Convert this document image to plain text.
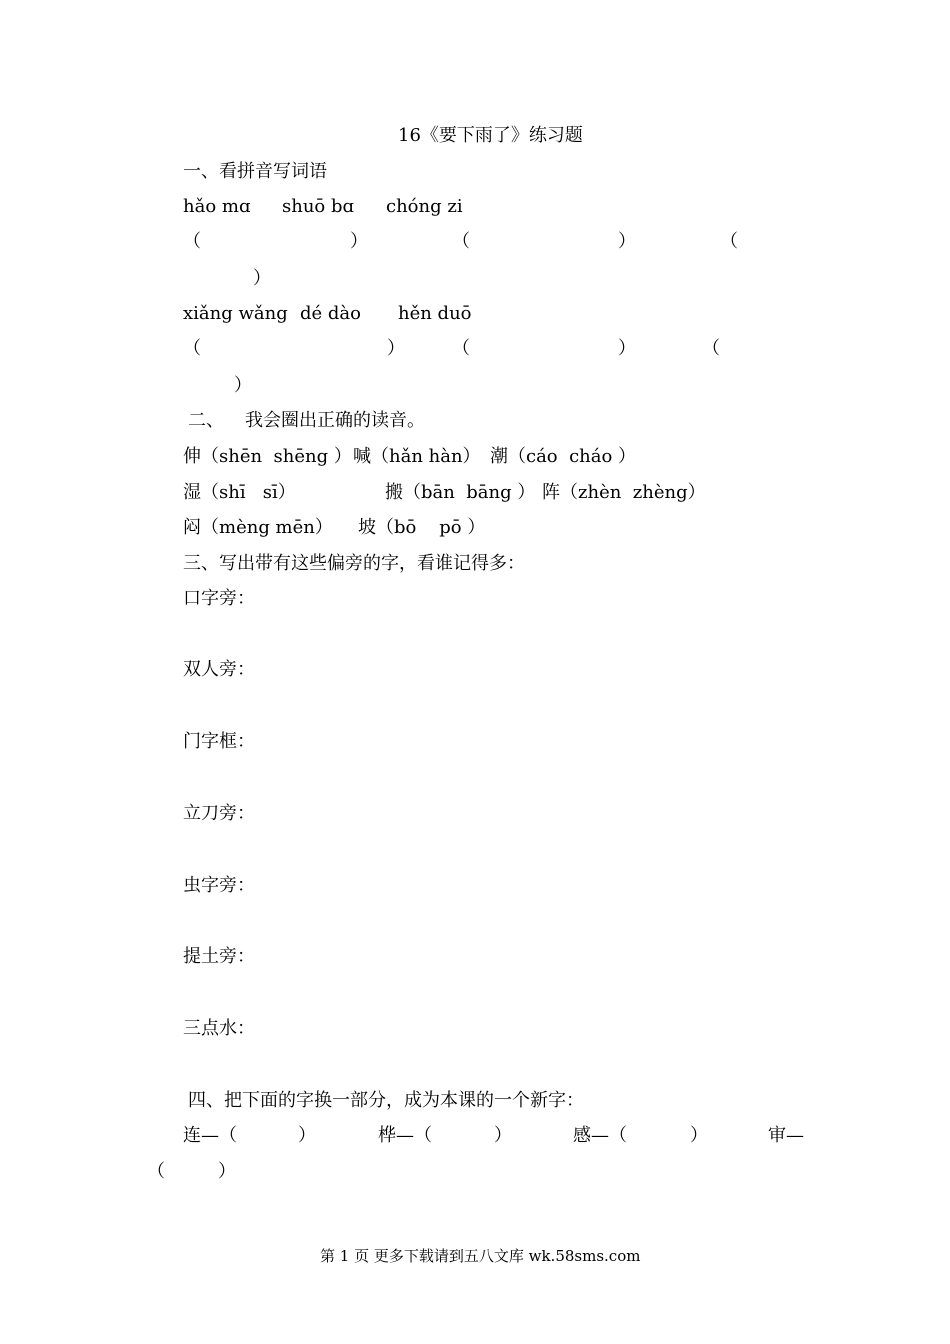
16《要下雨了》练习题
一、看拼音写词语
hǎo mɑ shuō bɑ chóng zi
（	）	（	）	（
）
xiǎng wǎng dé dào hěn duō
（	）	（	）	（
）
二、 我会圈出正确的读音。
伸（shēn  shēng ） 喊（hǎn hàn） 潮（cáo  cháo ）
湿（shī   sī）	搬（bān  bāng ） 阵（zhèn  zhèng）
闷（mèng mēn） 坡（bō    pō ）
三、写出带有这些偏旁的字，看谁记得多：
口字旁：
双人旁：
门字框：
立刀旁：
虫字旁：
提土旁：
三点水：
四、把下面的字换一部分，成为本课的一个新字：
连—（	）	桦—（	）	感—（	）	审—
（	）
第 1 页 更多下载请到五八文库 wk.58sms.com
